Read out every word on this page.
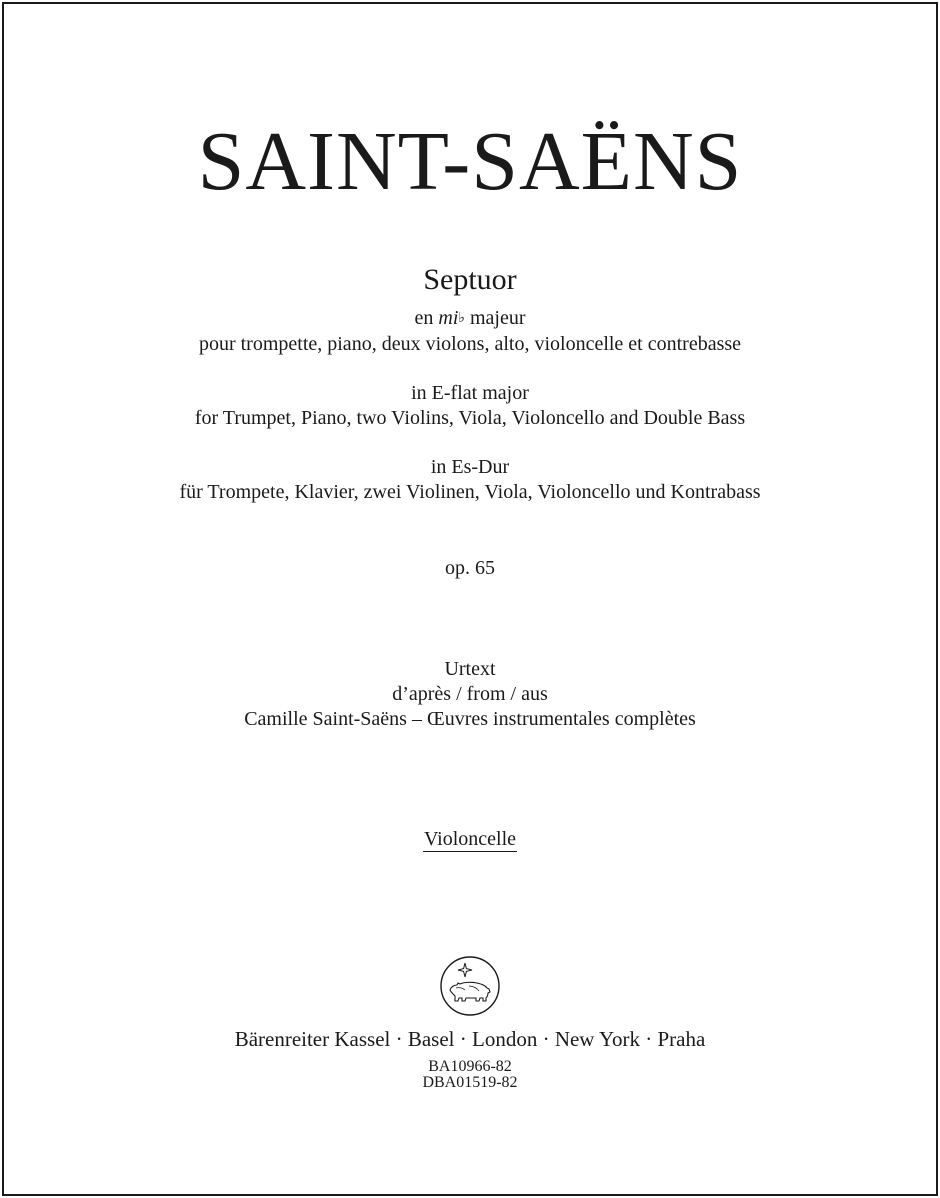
SAINT-SAËNS
Septuor
en mi♭ majeur
pour trompette, piano, deux violons, alto, violoncelle et contrebasse
in E-flat major
for Trumpet, Piano, two Violins, Viola, Violoncello and Double Bass
in Es-Dur
für Trompete, Klavier, zwei Violinen, Viola, Violoncello und Kontrabass
op. 65
Urtext
d’après / from / aus
Camille Saint-Saëns – Œuvres instrumentales complètes
Violoncelle
Bärenreiter Kassel · Basel · London · New York · Praha
BA10966-82
DBA01519-82
